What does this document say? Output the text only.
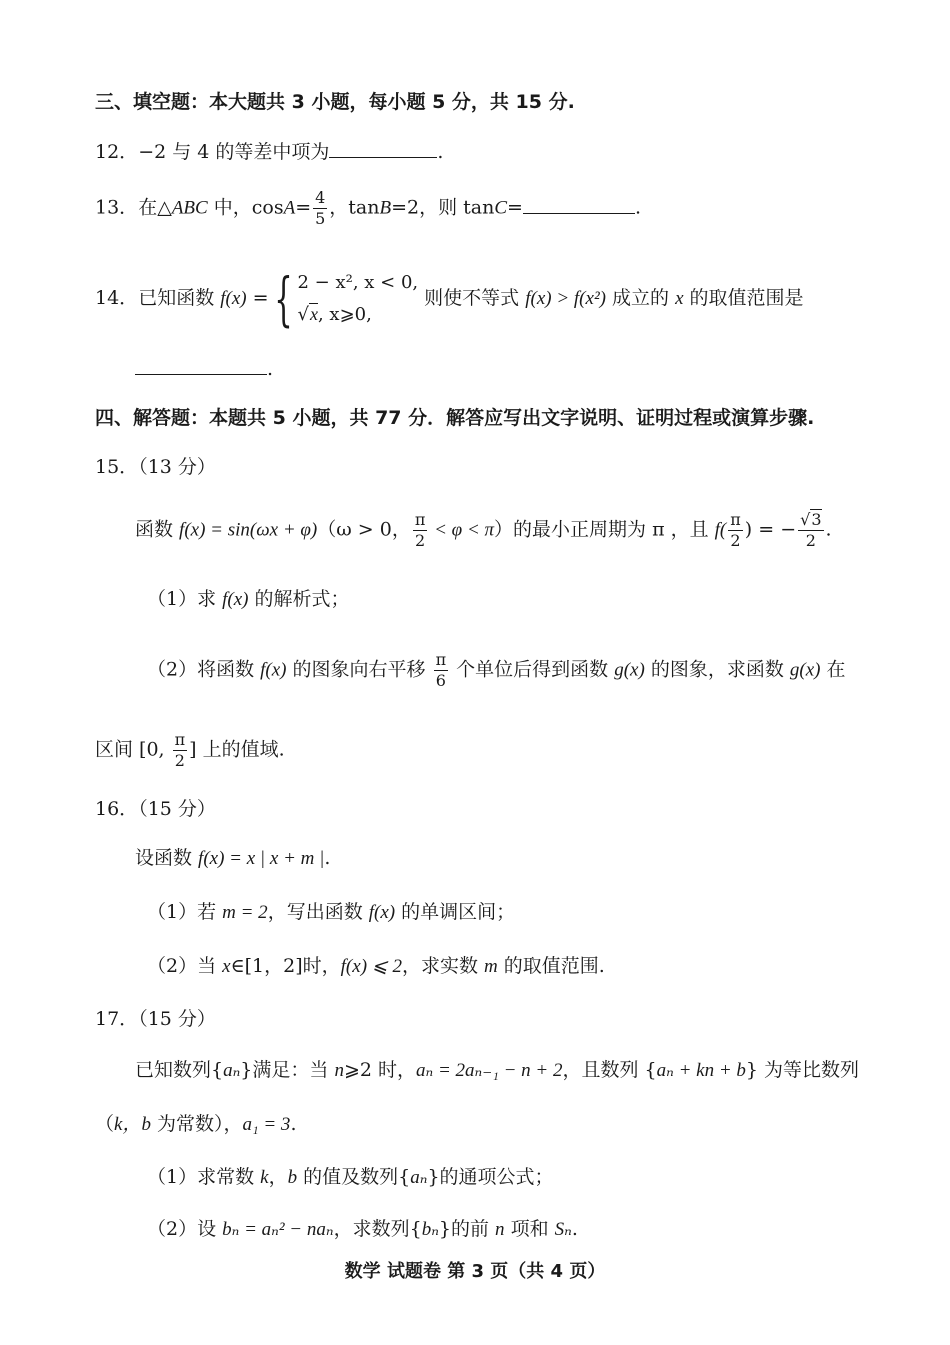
三、填空题：本大题共 3 小题，每小题 5 分，共 15 分.
12．−2 与 4 的等差中项为	.
13．在△ABC 中，$\cos A= \frac{4}{5}$ ，tanB=2，则 tanC=	.
14．已知函数 f(x) ={ 2 − x², x < 0,
√x, x⩾0,
则使不等式 f(x) > f(x²) 成立的 x 的取值范围是
.
四、解答题：本题共 5 小题，共 77 分．解答应写出文字说明、证明过程或演算步骤.
15．（13 分）
函数 f(x) = sin(ωx + φ)（ω > 0， $\frac{\pi}{2} < \varphi < \pi$）的最小正周期为 π ，且 $f( \frac{\pi}{2}$ ) = − $\frac{√3}{2}$ .
（1）求 f(x) 的解析式；
（2）将函数 f(x) 的图象向右平移 $\frac{\pi}{6}$ 个单位后得到函数 g(x) 的图象，求函数 g(x) 在
区间 [0, $\frac{\pi}{2}$ ] 上的值域.
16．（15 分）
设函数 f(x) = x | x + m |.
（1）若 m = 2，写出函数 f(x) 的单调区间；
（2）当 x∈[1，2]时，f(x) ⩽ 2，求实数 m 的取值范围.
17．（15 分）
已知数列{aₙ}满足：当 n⩾2 时，aₙ = 2aₙ₋₁ − n + 2，且数列 {aₙ + kn + b} 为等比数列
（k，b 为常数），a₁ = 3.
（1）求常数 k，b 的值及数列{aₙ}的通项公式；
（2）设 bₙ = aₙ² − naₙ，求数列{bₙ}的前 n 项和 Sₙ.
数学 试题卷 第 3 页（共 4 页）
